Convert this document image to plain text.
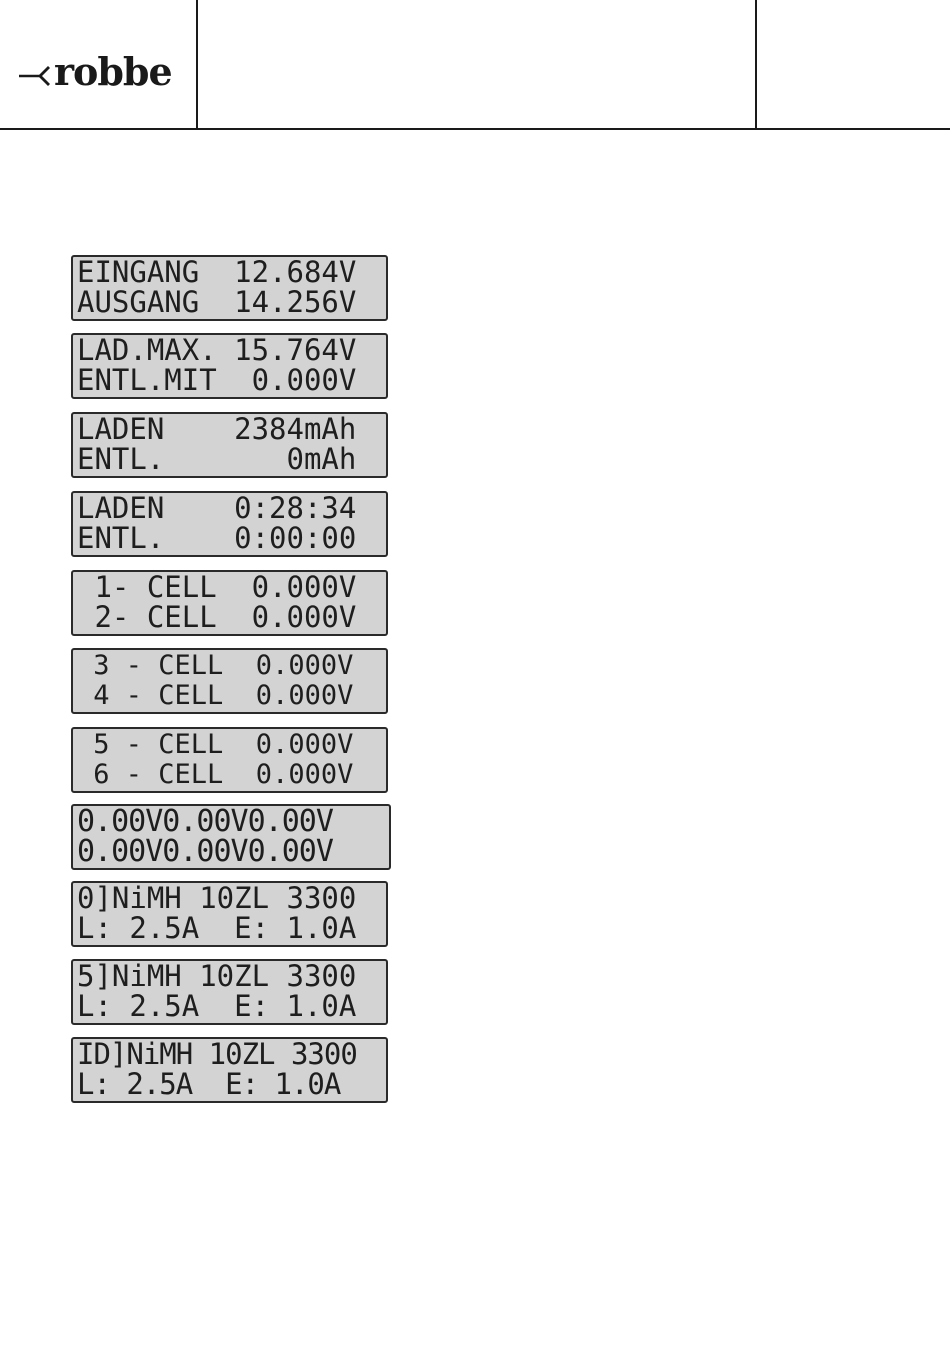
robbe
EINGANG  12.684V
AUSGANG  14.256V
LAD.MAX. 15.764V
ENTL.MIT  0.000V
LADEN    2384mAh
ENTL.       0mAh
LADEN    0:28:34
ENTL.    0:00:00
1- CELL  0.000V
2- CELL  0.000V
3 - CELL  0.000V
4 - CELL  0.000V
5 - CELL  0.000V
6 - CELL  0.000V
0.00V0.00V0.00V
0.00V0.00V0.00V
0]NiMH 10ZL 3300
L: 2.5A  E: 1.0A
5]NiMH 10ZL 3300
L: 2.5A  E: 1.0A
ID]NiMH 10ZL 3300
L: 2.5A  E: 1.0A
